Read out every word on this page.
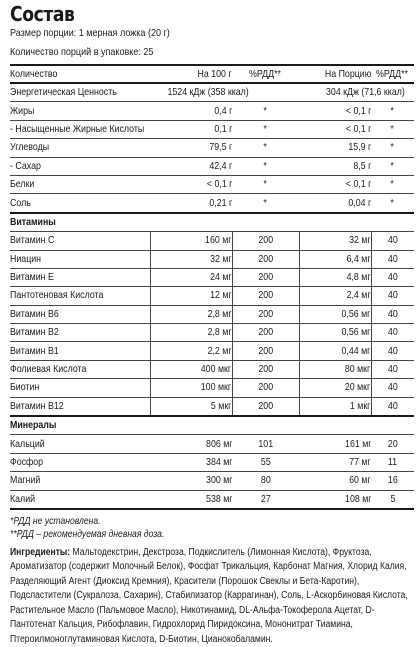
Состав
Размер порции: 1 мерная ложка (20 г)
Количество порций в упаковке: 25
Количество	На 100 г	%РДД**	На Порцию	%РДД**
Энергетическая Ценность	1524 кДж (358 ккал)		304 кДж (71,6 ккал)	
Жиры	0,4 г	*	< 0,1 г	*
- Насыщенные Жирные Кислоты	0,1 г	*	< 0,1 г	*
Углеводы	79,5 г	*	15,9 г	*
- Сахар	42,4 г	*	8,5 г	*
Белки	< 0,1 г	*	< 0,1 г	*
Соль	0,21 г	*	0,04 г	*
Витамины				
Витамин С	160 мг	200	32 мг	40
Ниацин	32 мг	200	6,4 мг	40
Витамин Е	24 мг	200	4,8 мг	40
Пантотеновая Кислота	12 мг	200	2,4 мг	40
Витамин В6	2,8 мг	200	0,56 мг	40
Витамин В2	2,8 мг	200	0,56 мг	40
Витамин В1	2,2 мг	200	0,44 мг	40
Фолиевая Кислота	400 мкг	200	80 мкг	40
Биотин	100 мкг	200	20 мкг	40
Витамин В12	5 мкг	200	1 мкг	40
Минералы				
Кальций	806 мг	101	161 мг	20
Фосфор	384 мг	55	77 мг	11
Магний	300 мг	80	60 мг	16
Калий	538 мг	27	108 мг	5
*РДД не установлена.
**РДД – рекомендуемая дневная доза.
Ингредиенты: Мальтодекстрин, Декстроза, Подкислитель (Лимонная Кислота), Фруктоза, Ароматизатор (содержит Молочный Белок), Фосфат Трикальция, Карбонат Магния, Хлорид Калия, Разделяющий Агент (Диоксид Кремния), Красители (Порошок Свеклы и Бета-Каротин), Подсластители (Сукралоза, Сахарин), Стабилизатор (Каррагинан), Соль, L-Аскорбиновая Кислота, Растительное Масло (Пальмовое Масло), Никотинамид, DL-Альфа-Токоферола Ацетат, D-Пантотенат Кальция, Рибофлавин, Гидрохлорид Пиридоксина, Мононитрат Тиамина, Птероилмоноглутаминовая Кислота, D-Биотин, Цианокобаламин.
